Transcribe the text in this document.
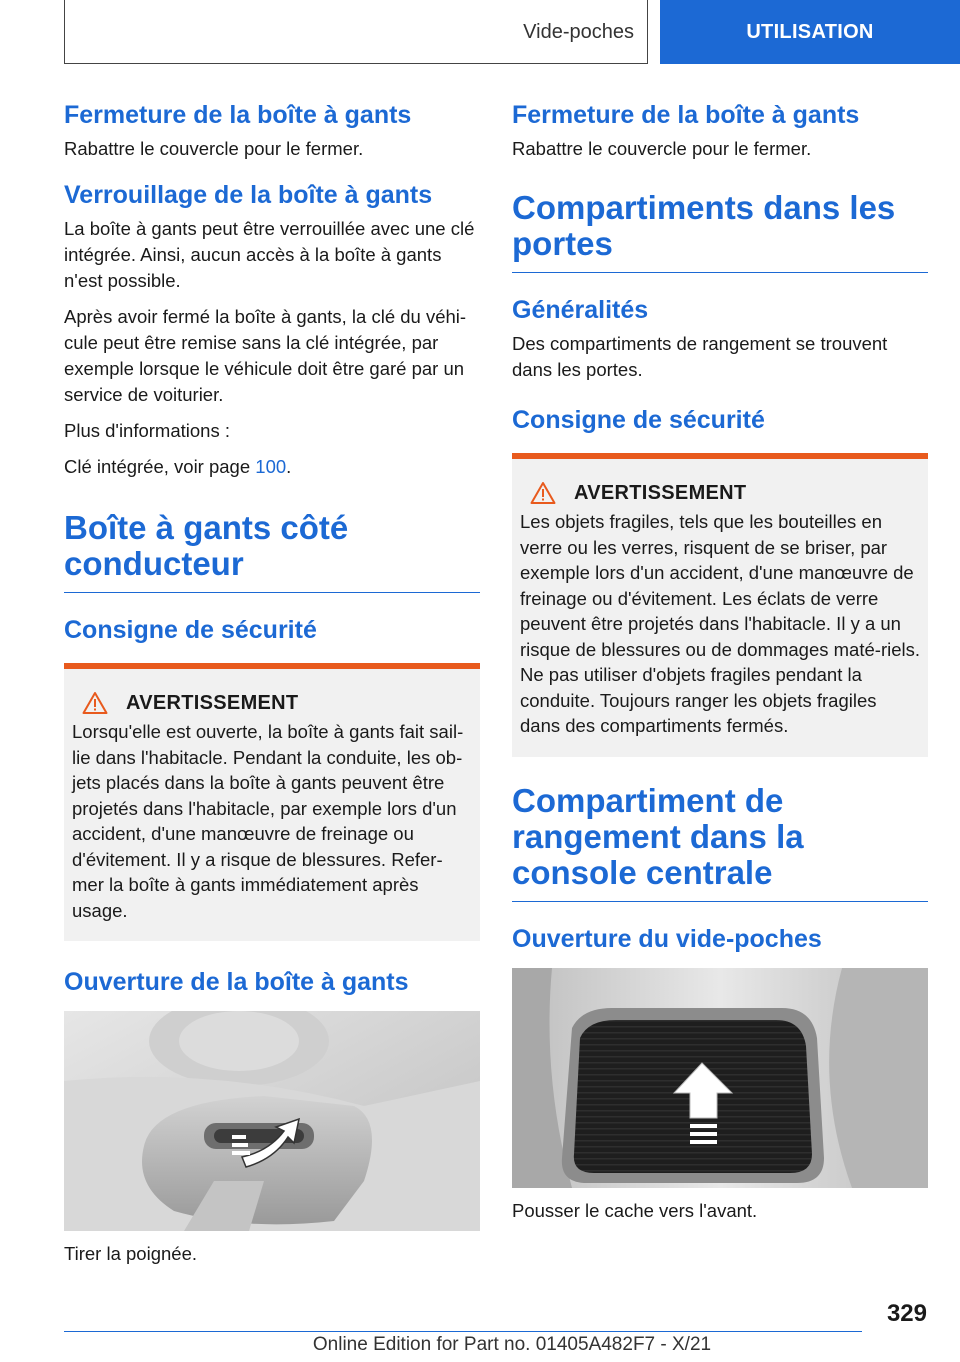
Vide-poches	UTILISATION
Fermeture de la boîte à gants

Rabattre le couvercle pour le fermer.

Verrouillage de la boîte à gants

La boîte à gants peut être verrouillée avec une clé intégrée. Ainsi, aucun accès à la boîte à gants n'est possible.

Après avoir fermé la boîte à gants, la clé du véhi-cule peut être remise sans la clé intégrée, par exemple lorsque le véhicule doit être garé par un service de voiturier.

Plus d'informations :

Clé intégrée, voir page 100.

Boîte à gants côté conducteur
Consigne de sécurité
AVERTISSEMENT

Lorsqu'elle est ouverte, la boîte à gants fait sail-lie dans l'habitacle. Pendant la conduite, les ob-jets placés dans la boîte à gants peuvent être projetés dans l'habitacle, par exemple lors d'un accident, d'une manœuvre de freinage ou d'évitement. Il y a risque de blessures. Refer-mer la boîte à gants immédiatement après usage.

Ouverture de la boîte à gants

Tirer la poignée.

Fermeture de la boîte à gants

Rabattre le couvercle pour le fermer.

Compartiments dans les portes
Généralités

Des compartiments de rangement se trouvent dans les portes.

Consigne de sécurité
AVERTISSEMENT

Les objets fragiles, tels que les bouteilles en verre ou les verres, risquent de se briser, par exemple lors d'un accident, d'une manœuvre de freinage ou d'évitement. Les éclats de verre peuvent être projetés dans l'habitacle. Il y a un risque de blessures ou de dommages maté-riels. Ne pas utiliser d'objets fragiles pendant la conduite. Toujours ranger les objets fragiles dans des compartiments fermés.

Compartiment de rangement dans la console centrale
Ouverture du vide-poches

Pousser le cache vers l'avant.

329
Online Edition for Part no. 01405A482F7 - X/21
